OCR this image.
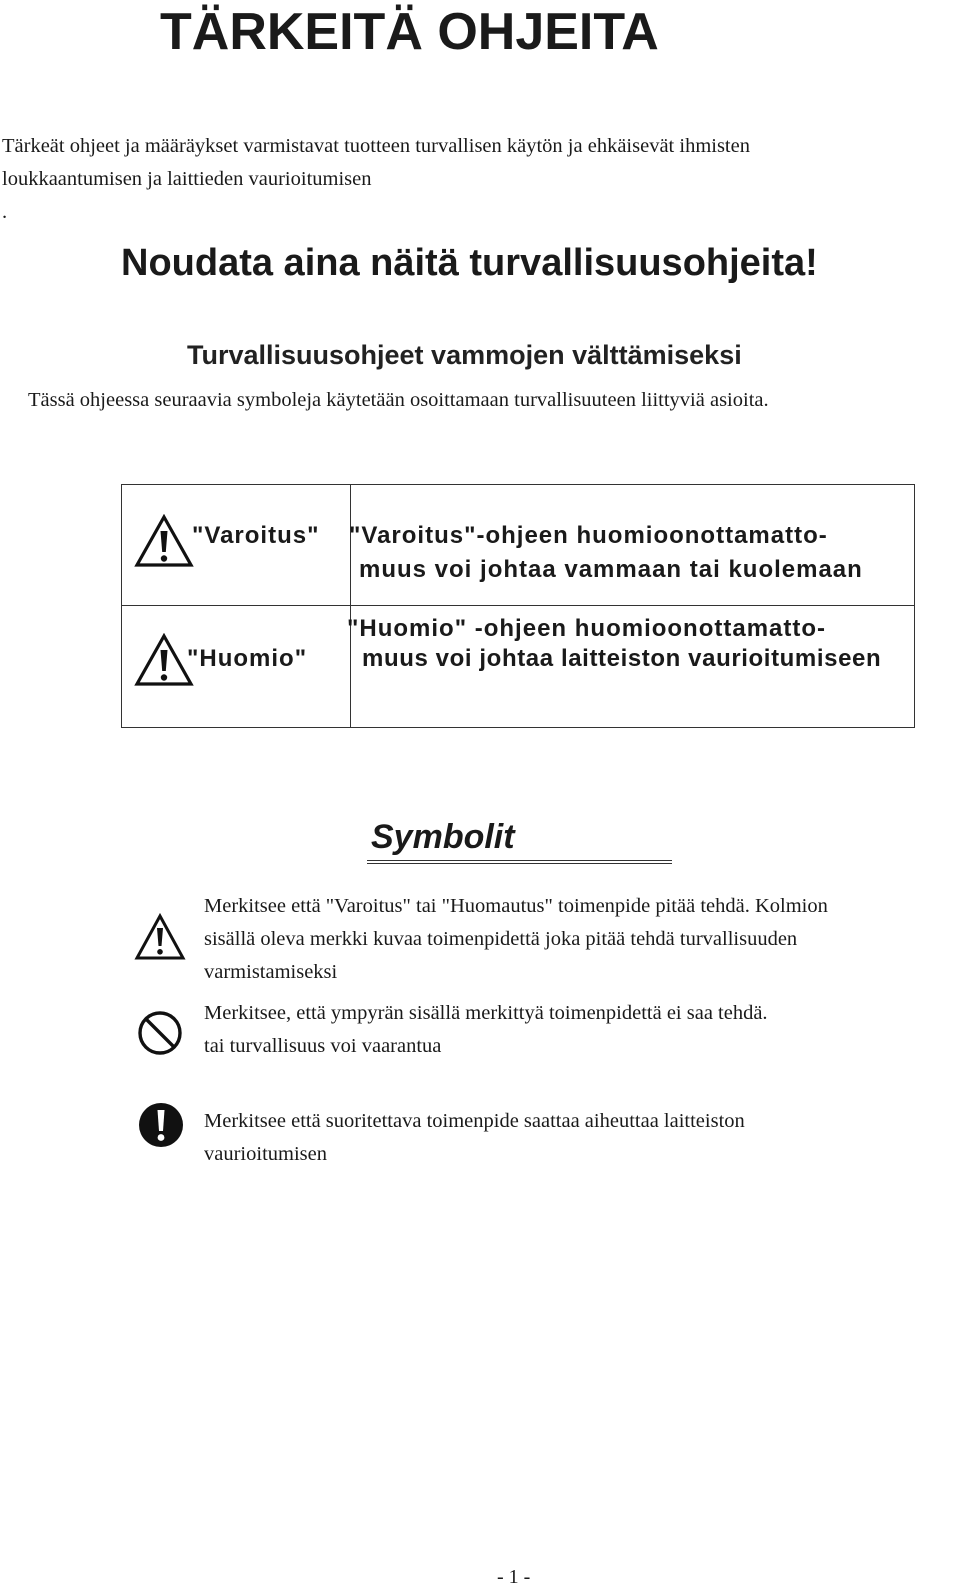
TÄRKEITÄ OHJEITA
Tärkeät ohjeet ja määräykset varmistavat tuotteen turvallisen käytön ja ehkäisevät ihmisten
loukkaantumisen ja laittieden vaurioitumisen
.
Noudata aina näitä turvallisuusohjeita!
Turvallisuusohjeet vammojen välttämiseksi
Tässä ohjeessa seuraavia symboleja käytetään osoittamaan turvallisuuteen liittyviä asioita.
"Varoitus" "Varoitus"-ohjeen huomioonottamatto-
muus voi johtaa vammaan tai kuolemaan
"Huomio"
"Huomio" -ohjeen huomioonottamatto-
muus voi johtaa laitteiston vaurioitumiseen
Symbolit
Merkitsee että "Varoitus" tai "Huomautus" toimenpide pitää tehdä. Kolmion
sisällä oleva merkki kuvaa toimenpidettä joka pitää tehdä turvallisuuden
varmistamiseksi
Merkitsee, että ympyrän sisällä merkittyä toimenpidettä ei saa tehdä.
tai turvallisuus voi vaarantua
Merkitsee että suoritettava toimenpide saattaa aiheuttaa laitteiston
vaurioitumisen
- 1 -
